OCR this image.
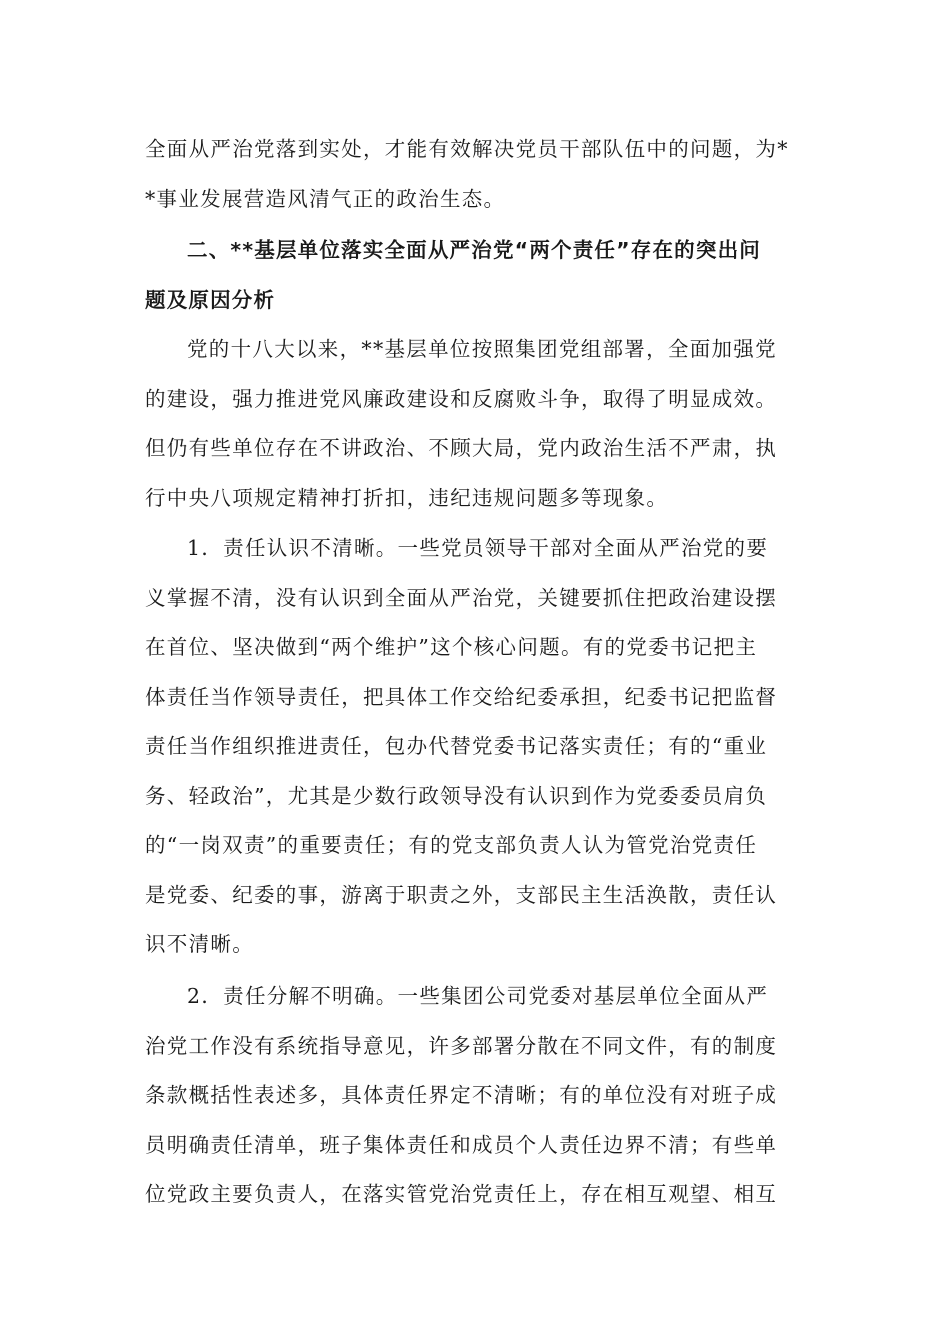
全面从严治党落到实处，才能有效解决党员干部队伍中的问题，为*
*事业发展营造风清气正的政治生态。
二、**基层单位落实全面从严治党“两个责任”存在的突出问
题及原因分析
党的十八大以来，**基层单位按照集团党组部署，全面加强党
的建设，强力推进党风廉政建设和反腐败斗争，取得了明显成效。
但仍有些单位存在不讲政治、不顾大局，党内政治生活不严肃，执
行中央八项规定精神打折扣，违纪违规问题多等现象。
1．责任认识不清晰。一些党员领导干部对全面从严治党的要
义掌握不清，没有认识到全面从严治党，关键要抓住把政治建设摆
在首位、坚决做到“两个维护”这个核心问题。有的党委书记把主
体责任当作领导责任，把具体工作交给纪委承担，纪委书记把监督
责任当作组织推进责任，包办代替党委书记落实责任；有的“重业
务、轻政治”，尤其是少数行政领导没有认识到作为党委委员肩负
的“一岗双责”的重要责任；有的党支部负责人认为管党治党责任
是党委、纪委的事，游离于职责之外，支部民主生活涣散，责任认
识不清晰。
2．责任分解不明确。一些集团公司党委对基层单位全面从严
治党工作没有系统指导意见，许多部署分散在不同文件，有的制度
条款概括性表述多，具体责任界定不清晰；有的单位没有对班子成
员明确责任清单，班子集体责任和成员个人责任边界不清；有些单
位党政主要负责人，在落实管党治党责任上，存在相互观望、相互
